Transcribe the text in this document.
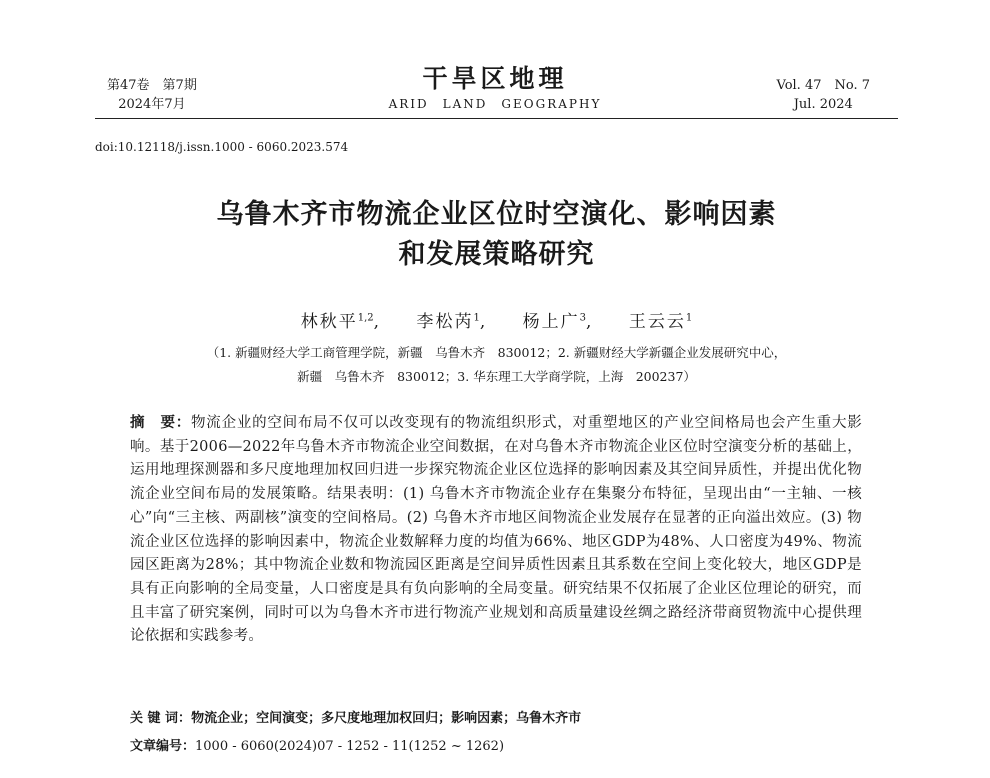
第47卷　第7期
2024年7月
干旱区地理
ARID　LAND　GEOGRAPHY
Vol. 47　No. 7
Jul. 2024
doi:10.12118/j.issn.1000 - 6060.2023.574
乌鲁木齐市物流企业区位时空演化、影响因素
和发展策略研究
林秋平$^{1,2}$, 李松芮$^1$, 杨上广$^3$, 王云云$^1$
（1. 新疆财经大学工商管理学院，新疆　乌鲁木齐　830012；2. 新疆财经大学新疆企业发展研究中心，
新疆　乌鲁木齐　830012；3. 华东理工大学商学院，上海　200237）
摘　要：物流企业的空间布局不仅可以改变现有的物流组织形式，对重塑地区的产业空间格局也会产生重大影响。基于2006—2022年乌鲁木齐市物流企业空间数据，在对乌鲁木齐市物流企业区位时空演变分析的基础上，运用地理探测器和多尺度地理加权回归进一步探究物流企业区位选择的影响因素及其空间异质性，并提出优化物流企业空间布局的发展策略。结果表明：(1) 乌鲁木齐市物流企业存在集聚分布特征，呈现出由“一主轴、一核心”向“三主核、两副核”演变的空间格局。(2) 乌鲁木齐市地区间物流企业发展存在显著的正向溢出效应。(3) 物流企业区位选择的影响因素中，物流企业数解释力度的均值为66%、地区GDP为48%、人口密度为49%、物流园区距离为28%；其中物流企业数和物流园区距离是空间异质性因素且其系数在空间上变化较大，地区GDP是具有正向影响的全局变量，人口密度是具有负向影响的全局变量。研究结果不仅拓展了企业区位理论的研究，而且丰富了研究案例，同时可以为乌鲁木齐市进行物流产业规划和高质量建设丝绸之路经济带商贸物流中心提供理论依据和实践参考。
关 键 词：物流企业；空间演变；多尺度地理加权回归；影响因素；乌鲁木齐市
文章编号：1000 - 6060(2024)07 - 1252 - 11(1252 ~ 1262)
